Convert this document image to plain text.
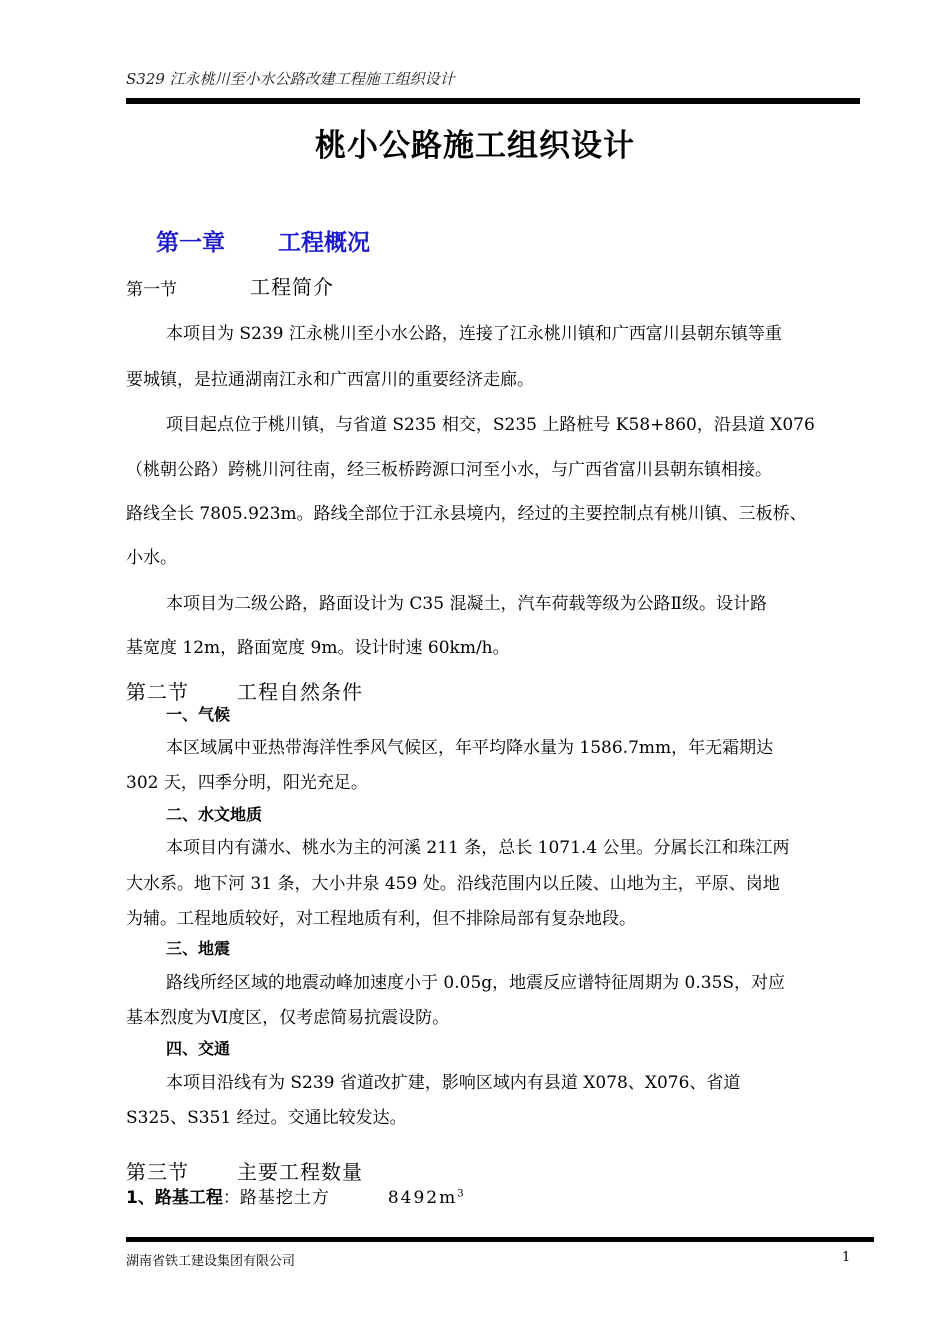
S329 江永桃川至小水公路改建工程施工组织设计
桃小公路施工组织设计
第一章 工程概况
第一节	工程简介
本项目为 S239 江永桃川至小水公路，连接了江永桃川镇和广西富川县朝东镇等重
要城镇，是拉通湖南江永和广西富川的重要经济走廊。
项目起点位于桃川镇，与省道 S235 相交，S235 上路桩号 K58+860，沿县道 X076
（桃朝公路）跨桃川河往南，经三板桥跨源口河至小水，与广西省富川县朝东镇相接。
路线全长 7805.923m。路线全部位于江永县境内，经过的主要控制点有桃川镇、三板桥、
小水。
本项目为二级公路，路面设计为 C35 混凝土，汽车荷载等级为公路Ⅱ级。设计路
基宽度 12m，路面宽度 9m。设计时速 60km/h。
第二节 工程自然条件
一、气候
本区域属中亚热带海洋性季风气候区，年平均降水量为 1586.7mm，年无霜期达
302 天，四季分明，阳光充足。
二、水文地质
本项目内有潇水、桃水为主的河溪 211 条，总长 1071.4 公里。分属长江和珠江两
大水系。地下河 31 条，大小井泉 459 处。沿线范围内以丘陵、山地为主，平原、岗地
为辅。工程地质较好，对工程地质有利，但不排除局部有复杂地段。
三、地震
路线所经区域的地震动峰加速度小于 0.05g，地震反应谱特征周期为 0.35S，对应
基本烈度为Ⅵ度区，仅考虑简易抗震设防。
四、交通
本项目沿线有为 S239 省道改扩建，影响区域内有县道 X078、X076、省道
S325、S351 经过。交通比较发达。
第三节 主要工程数量
1、路基工程：路基挖土方	$8492m^3$
湖南省铁工建设集团有限公司	1
